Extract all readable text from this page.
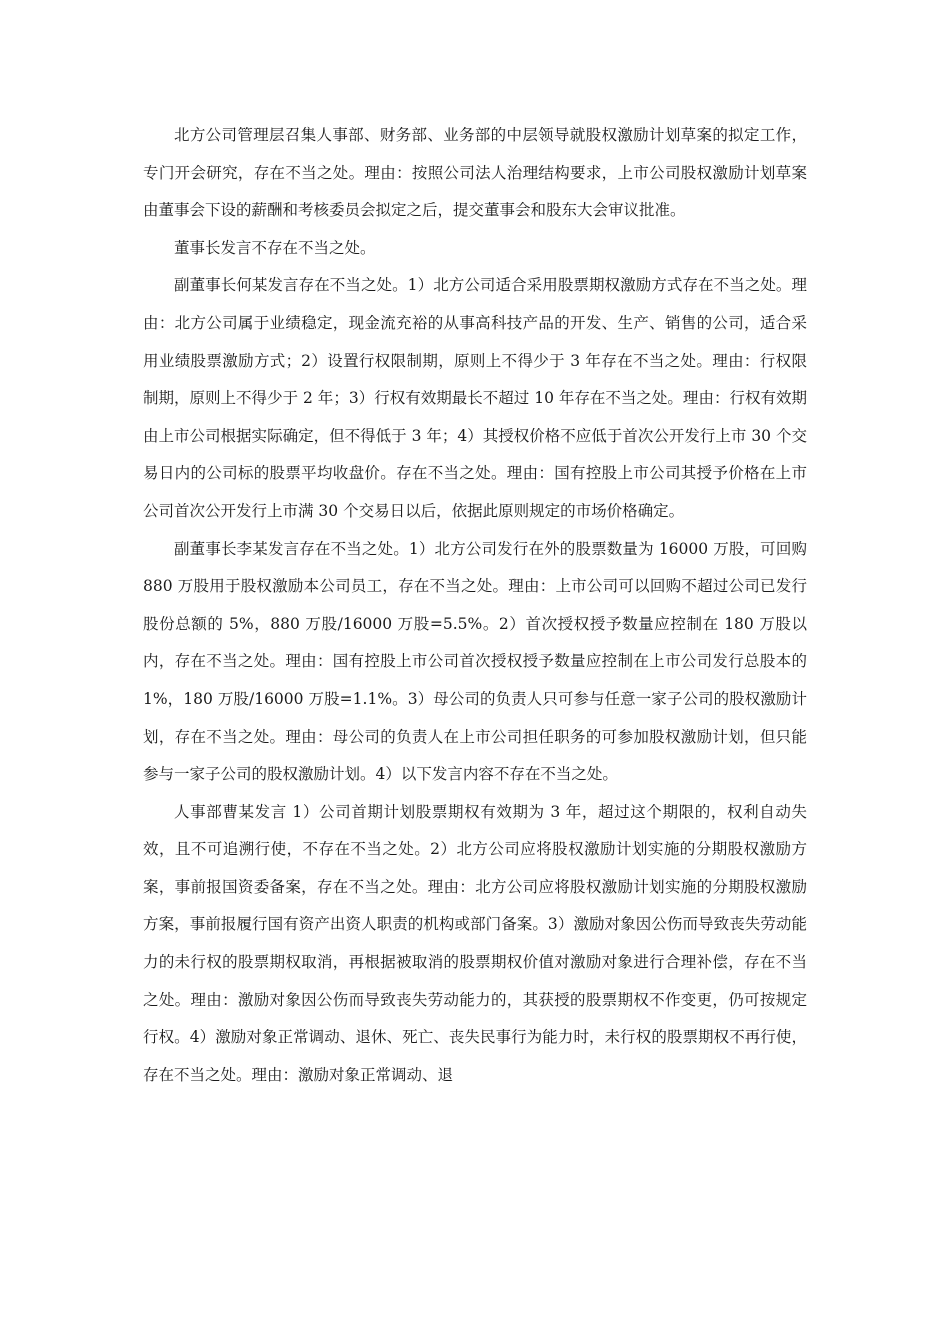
北方公司管理层召集人事部、财务部、业务部的中层领导就股权激励计划草案的拟定工作，专门开会研究，存在不当之处。理由：按照公司法人治理结构要求，上市公司股权激励计划草案由董事会下设的薪酬和考核委员会拟定之后，提交董事会和股东大会审议批准。

董事长发言不存在不当之处。

副董事长何某发言存在不当之处。1）北方公司适合采用股票期权激励方式存在不当之处。理由：北方公司属于业绩稳定，现金流充裕的从事高科技产品的开发、生产、销售的公司，适合采用业绩股票激励方式；2）设置行权限制期，原则上不得少于 3 年存在不当之处。理由：行权限制期，原则上不得少于 2 年；3）行权有效期最长不超过 10 年存在不当之处。理由：行权有效期由上市公司根据实际确定，但不得低于 3 年；4）其授权价格不应低于首次公开发行上市 30 个交易日内的公司标的股票平均收盘价。存在不当之处。理由：国有控股上市公司其授予价格在上市公司首次公开发行上市满 30 个交易日以后，依据此原则规定的市场价格确定。

副董事长李某发言存在不当之处。1）北方公司发行在外的股票数量为 16000 万股，可回购 880 万股用于股权激励本公司员工，存在不当之处。理由：上市公司可以回购不超过公司已发行股份总额的 5%，880 万股/16000 万股=5.5%。2）首次授权授予数量应控制在 180 万股以内，存在不当之处。理由：国有控股上市公司首次授权授予数量应控制在上市公司发行总股本的 1%，180 万股/16000 万股=1.1%。3）母公司的负责人只可参与任意一家子公司的股权激励计划，存在不当之处。理由：母公司的负责人在上市公司担任职务的可参加股权激励计划，但只能参与一家子公司的股权激励计划。4）以下发言内容不存在不当之处。

人事部曹某发言 1）公司首期计划股票期权有效期为 3 年，超过这个期限的，权利自动失效，且不可追溯行使，不存在不当之处。2）北方公司应将股权激励计划实施的分期股权激励方案，事前报国资委备案，存在不当之处。理由：北方公司应将股权激励计划实施的分期股权激励方案，事前报履行国有资产出资人职责的机构或部门备案。3）激励对象因公伤而导致丧失劳动能力的未行权的股票期权取消，再根据被取消的股票期权价值对激励对象进行合理补偿，存在不当之处。理由：激励对象因公伤而导致丧失劳动能力的，其获授的股票期权不作变更，仍可按规定行权。4）激励对象正常调动、退休、死亡、丧失民事行为能力时，未行权的股票期权不再行使，存在不当之处。理由：激励对象正常调动、退
